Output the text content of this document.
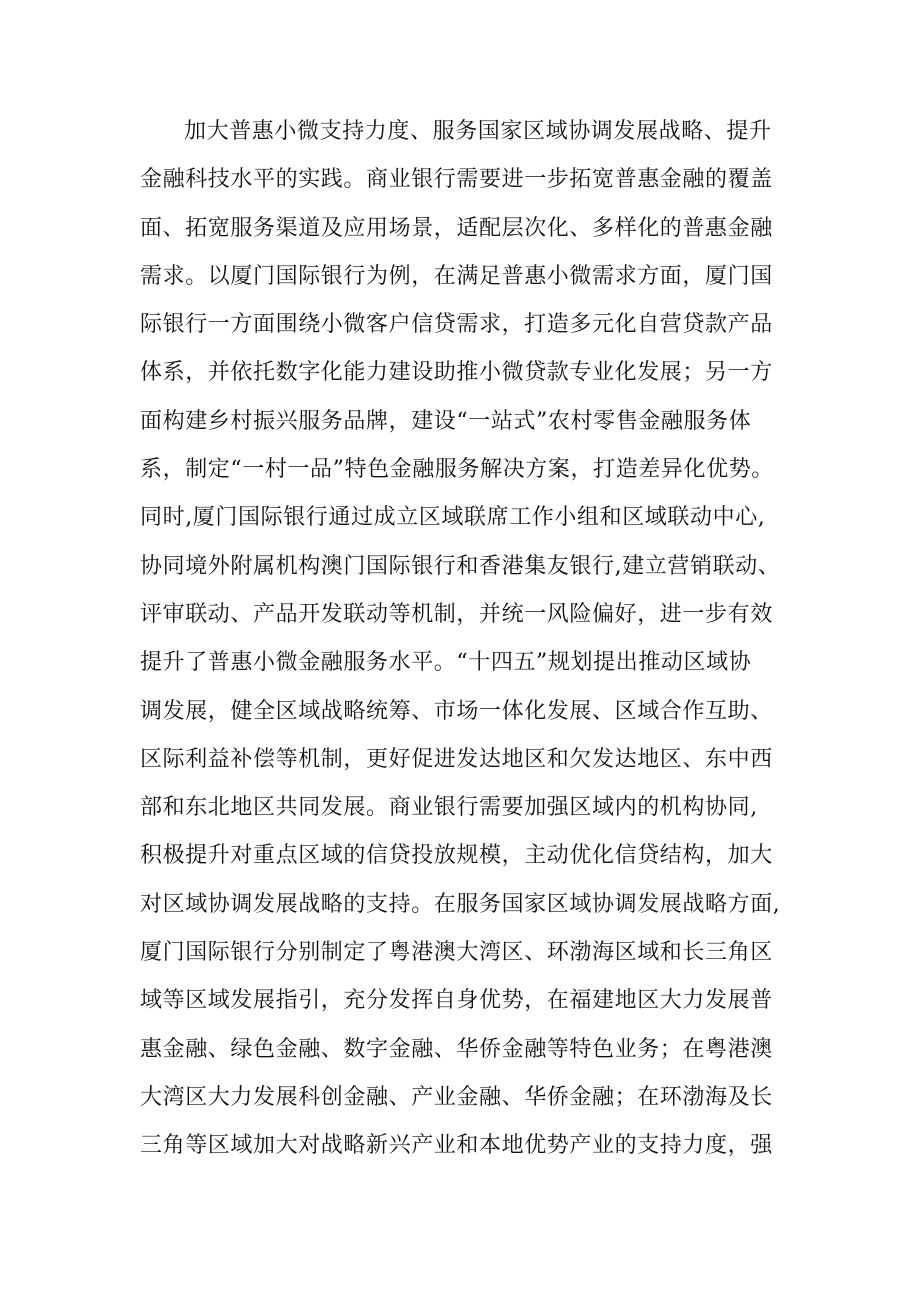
加大普惠小微支持力度、服务国家区域协调发展战略、提升
金融科技水平的实践。商业银行需要进一步拓宽普惠金融的覆盖
面、拓宽服务渠道及应用场景，适配层次化、多样化的普惠金融
需求。以厦门国际银行为例，在满足普惠小微需求方面，厦门国
际银行一方面围绕小微客户信贷需求，打造多元化自营贷款产品
体系，并依托数字化能力建设助推小微贷款专业化发展；另一方
面构建乡村振兴服务品牌，建设“一站式”农村零售金融服务体
系，制定“一村一品”特色金融服务解决方案，打造差异化优势。
同时,厦门国际银行通过成立区域联席工作小组和区域联动中心,
协同境外附属机构澳门国际银行和香港集友银行,建立营销联动、
评审联动、产品开发联动等机制，并统一风险偏好，进一步有效
提升了普惠小微金融服务水平。“十四五”规划提出推动区域协
调发展，健全区域战略统筹、市场一体化发展、区域合作互助、
区际利益补偿等机制，更好促进发达地区和欠发达地区、东中西
部和东北地区共同发展。商业银行需要加强区域内的机构协同,
积极提升对重点区域的信贷投放规模，主动优化信贷结构，加大
对区域协调发展战略的支持。在服务国家区域协调发展战略方面,
厦门国际银行分别制定了粤港澳大湾区、环渤海区域和长三角区
域等区域发展指引，充分发挥自身优势，在福建地区大力发展普
惠金融、绿色金融、数字金融、华侨金融等特色业务；在粤港澳
大湾区大力发展科创金融、产业金融、华侨金融；在环渤海及长
三角等区域加大对战略新兴产业和本地优势产业的支持力度，强
